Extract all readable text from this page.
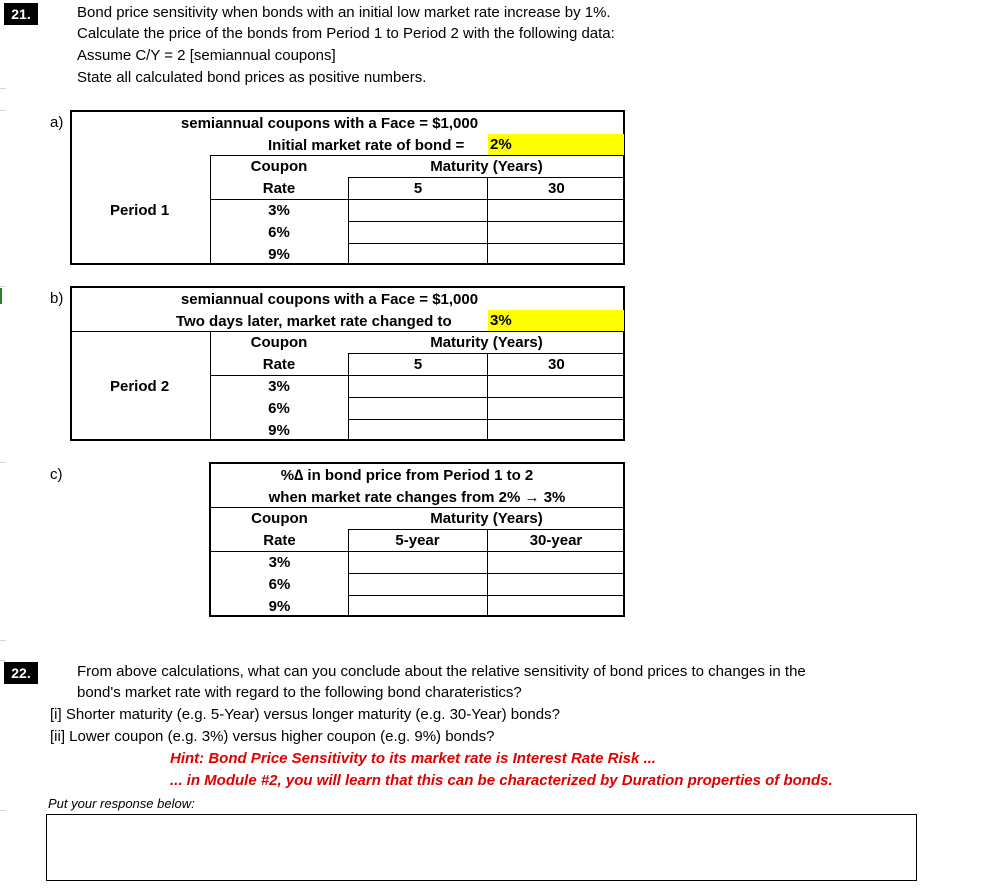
21.	Bond price sensitivity when bonds with an initial low market rate increase by 1%.
Calculate the price of the bonds from Period 1 to Period 2 with the following data:
Assume C/Y = 2 [semiannual coupons]
State all calculated bond prices as positive numbers.
a)	semiannual coupons with a Face = $1,000
Initial market rate of bond = 2%
Coupon
Rate
Maturity (Years)
5	30
Period 1	3%
6%
9%
b)	semiannual coupons with a Face = $1,000
Two days later, market rate changed to	3%
Coupon
Rate
Maturity (Years)
5	30
Period 2	3%
6%
9%
c)	%∆ in bond price from Period 1 to 2
when market rate changes from 2% → 3%
Coupon
Rate
Maturity (Years)
5-year	30-year
3%
6%
9%
22.	From above calculations, what can you conclude about the relative sensitivity of bond prices to changes in the
bond's market rate with regard to the following bond charateristics?
[i] Shorter maturity (e.g. 5-Year) versus longer maturity (e.g. 30-Year) bonds?
[ii] Lower coupon (e.g. 3%) versus higher coupon (e.g. 9%) bonds?
Hint: Bond Price Sensitivity to its market rate is Interest Rate Risk ...
... in Module #2, you will learn that this can be characterized by Duration properties of bonds.
Put your response below:
